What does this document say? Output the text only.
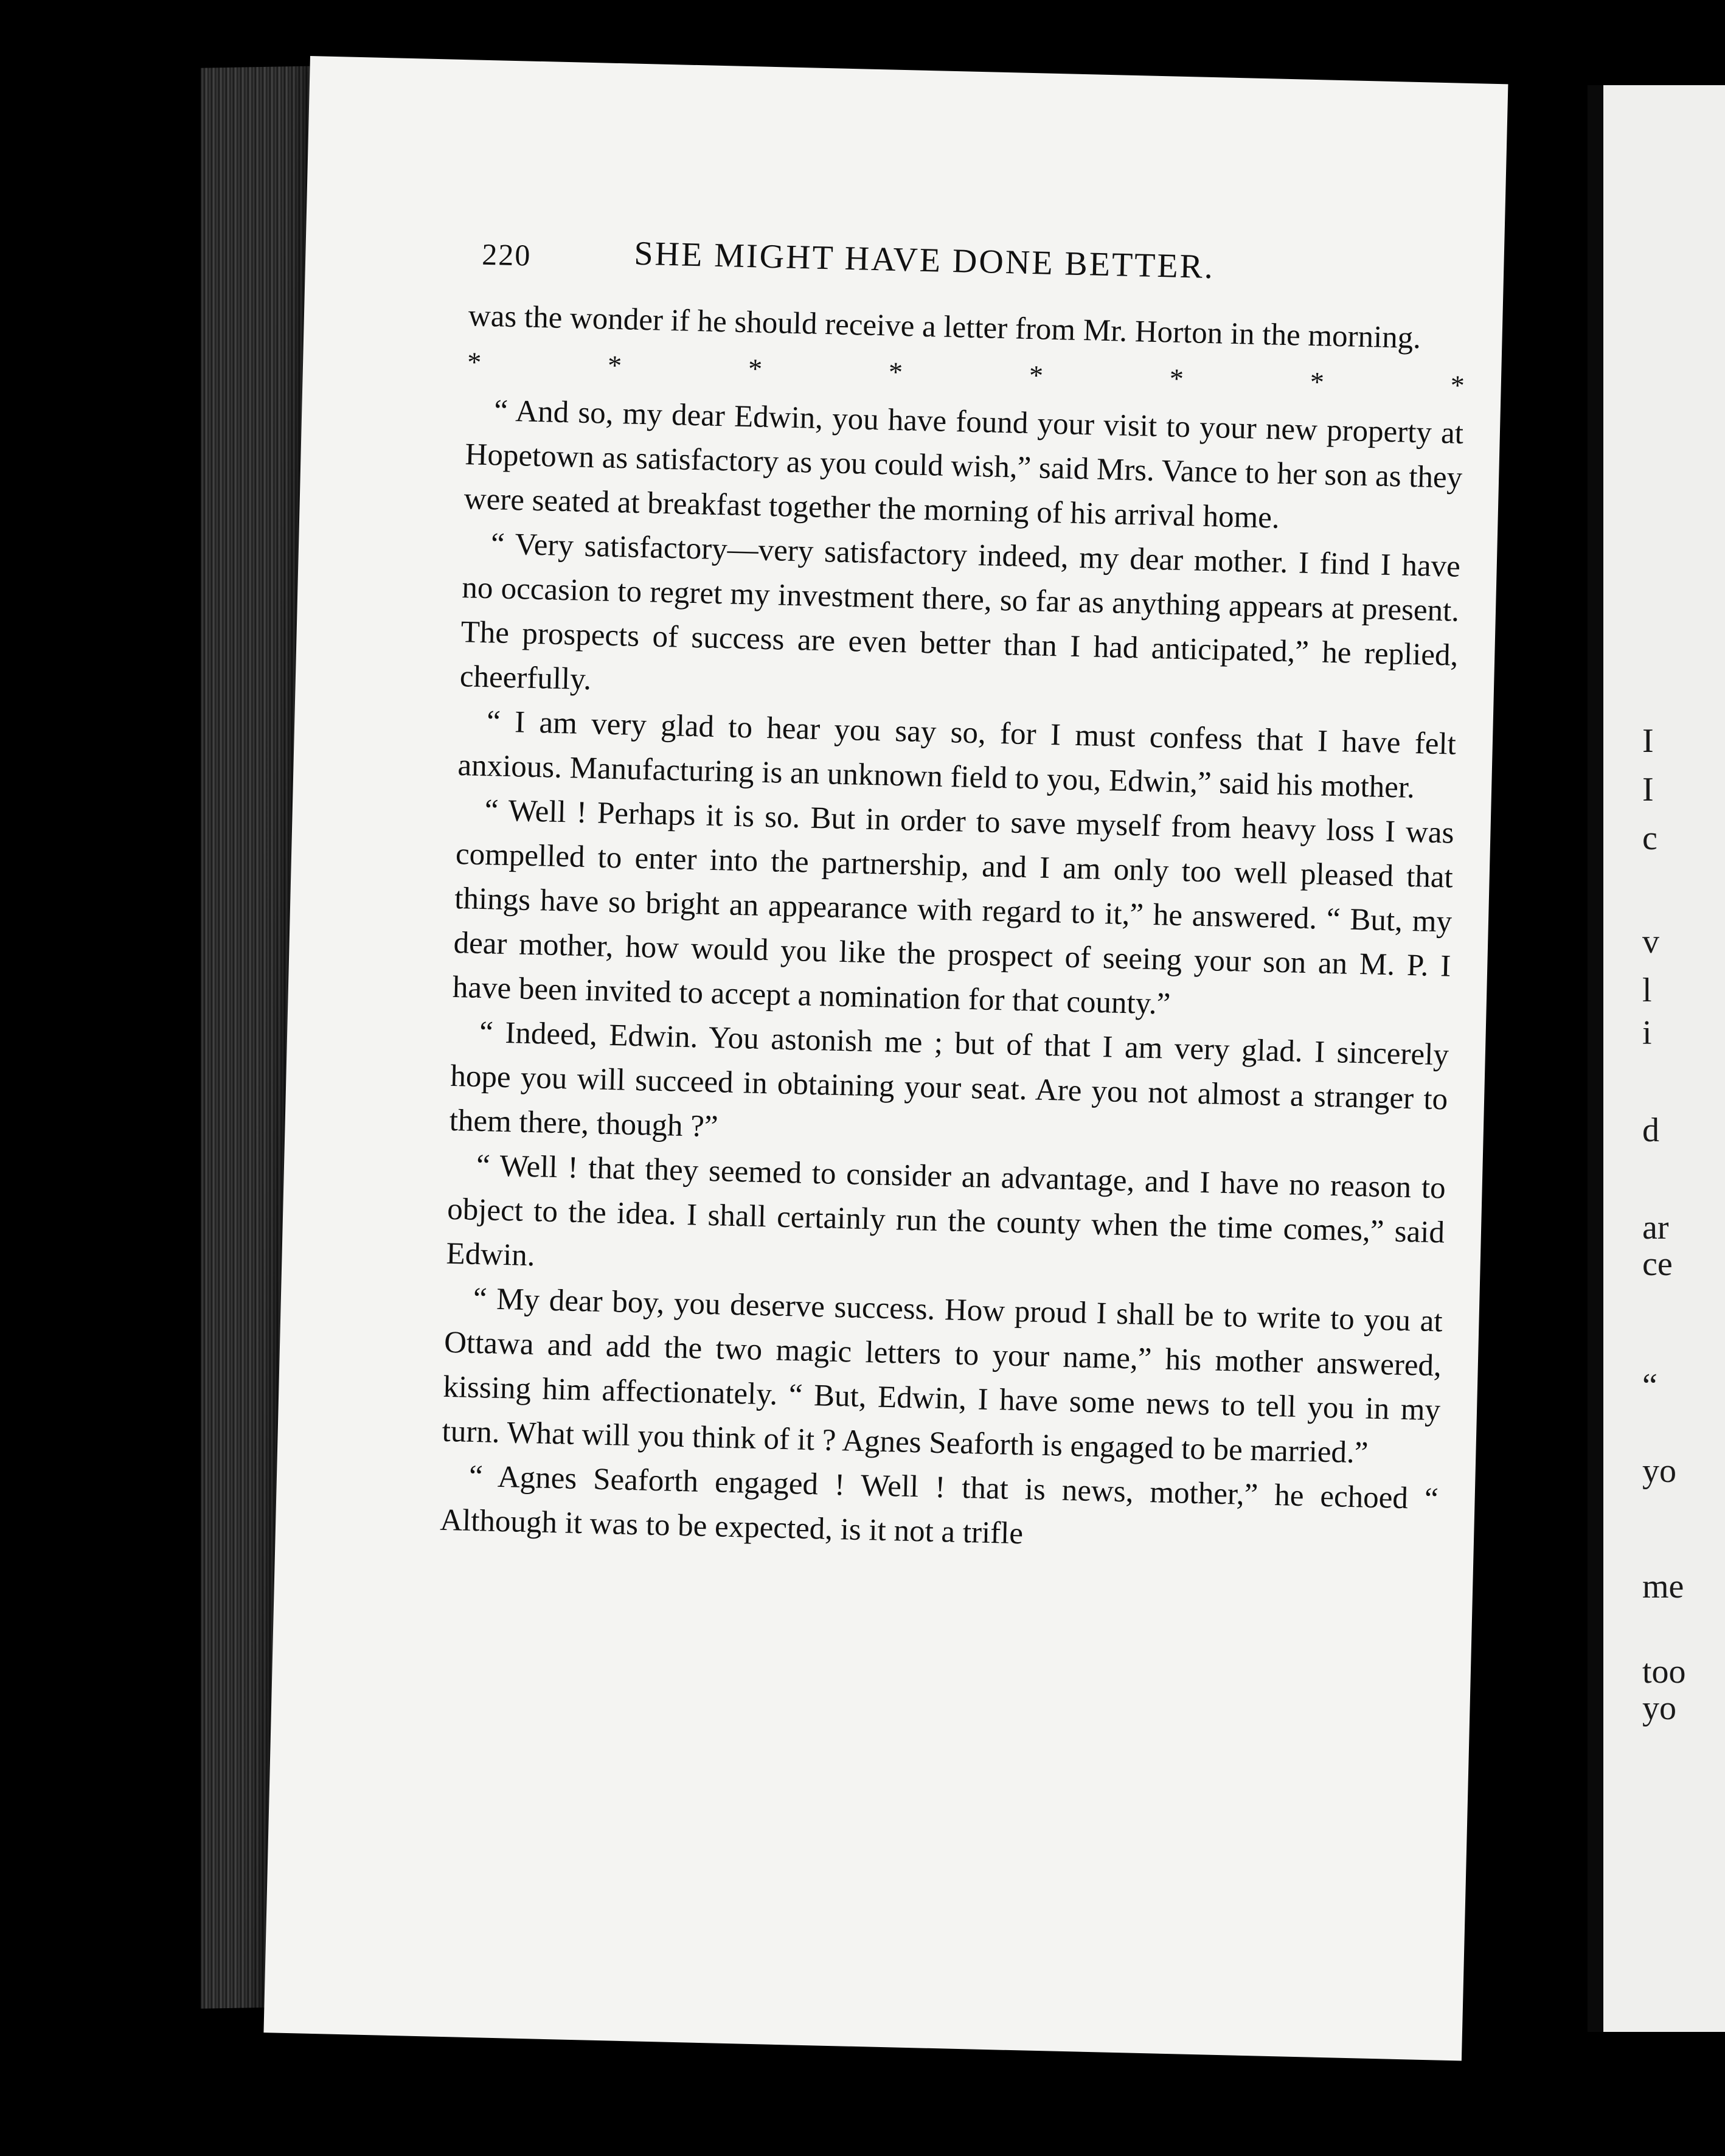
I
I
c
v
l
i
d
ar
ce
“
yo
me
too
yo
220	SHE MIGHT HAVE DONE BETTER.

was the wonder if he should receive a letter from Mr. Horton in the morning.

*	*	*	*	*	*	*	*

“ And so, my dear Edwin, you have found your visit to your new property at Hopetown as satisfactory as you could wish,” said Mrs. Vance to her son as they were seated at breakfast together the morning of his arrival home.

“ Very satisfactory—very satisfactory indeed, my dear mother. I find I have no occasion to regret my investment there, so far as anything appears at present. The prospects of success are even better than I had anticipated,” he replied, cheerfully.

“ I am very glad to hear you say so, for I must confess that I have felt anxious. Manufacturing is an unknown field to you, Edwin,” said his mother.

“ Well ! Perhaps it is so. But in order to save myself from heavy loss I was compelled to enter into the partnership, and I am only too well pleased that things have so bright an appearance with regard to it,” he answered. “ But, my dear mother, how would you like the prospect of seeing your son an M. P. I have been invited to accept a nomination for that county.”

“ Indeed, Edwin. You astonish me ; but of that I am very glad. I sincerely hope you will succeed in obtaining your seat. Are you not almost a stranger to them there, though ?”

“ Well ! that they seemed to consider an advantage, and I have no reason to object to the idea. I shall certainly run the county when the time comes,” said Edwin.

“ My dear boy, you deserve success. How proud I shall be to write to you at Ottawa and add the two magic letters to your name,” his mother answered, kissing him affectionately. “ But, Edwin, I have some news to tell you in my turn. What will you think of it ? Agnes Seaforth is engaged to be married.”

“ Agnes Seaforth engaged ! Well ! that is news, mother,” he echoed “ Although it was to be expected, is it not a trifle
